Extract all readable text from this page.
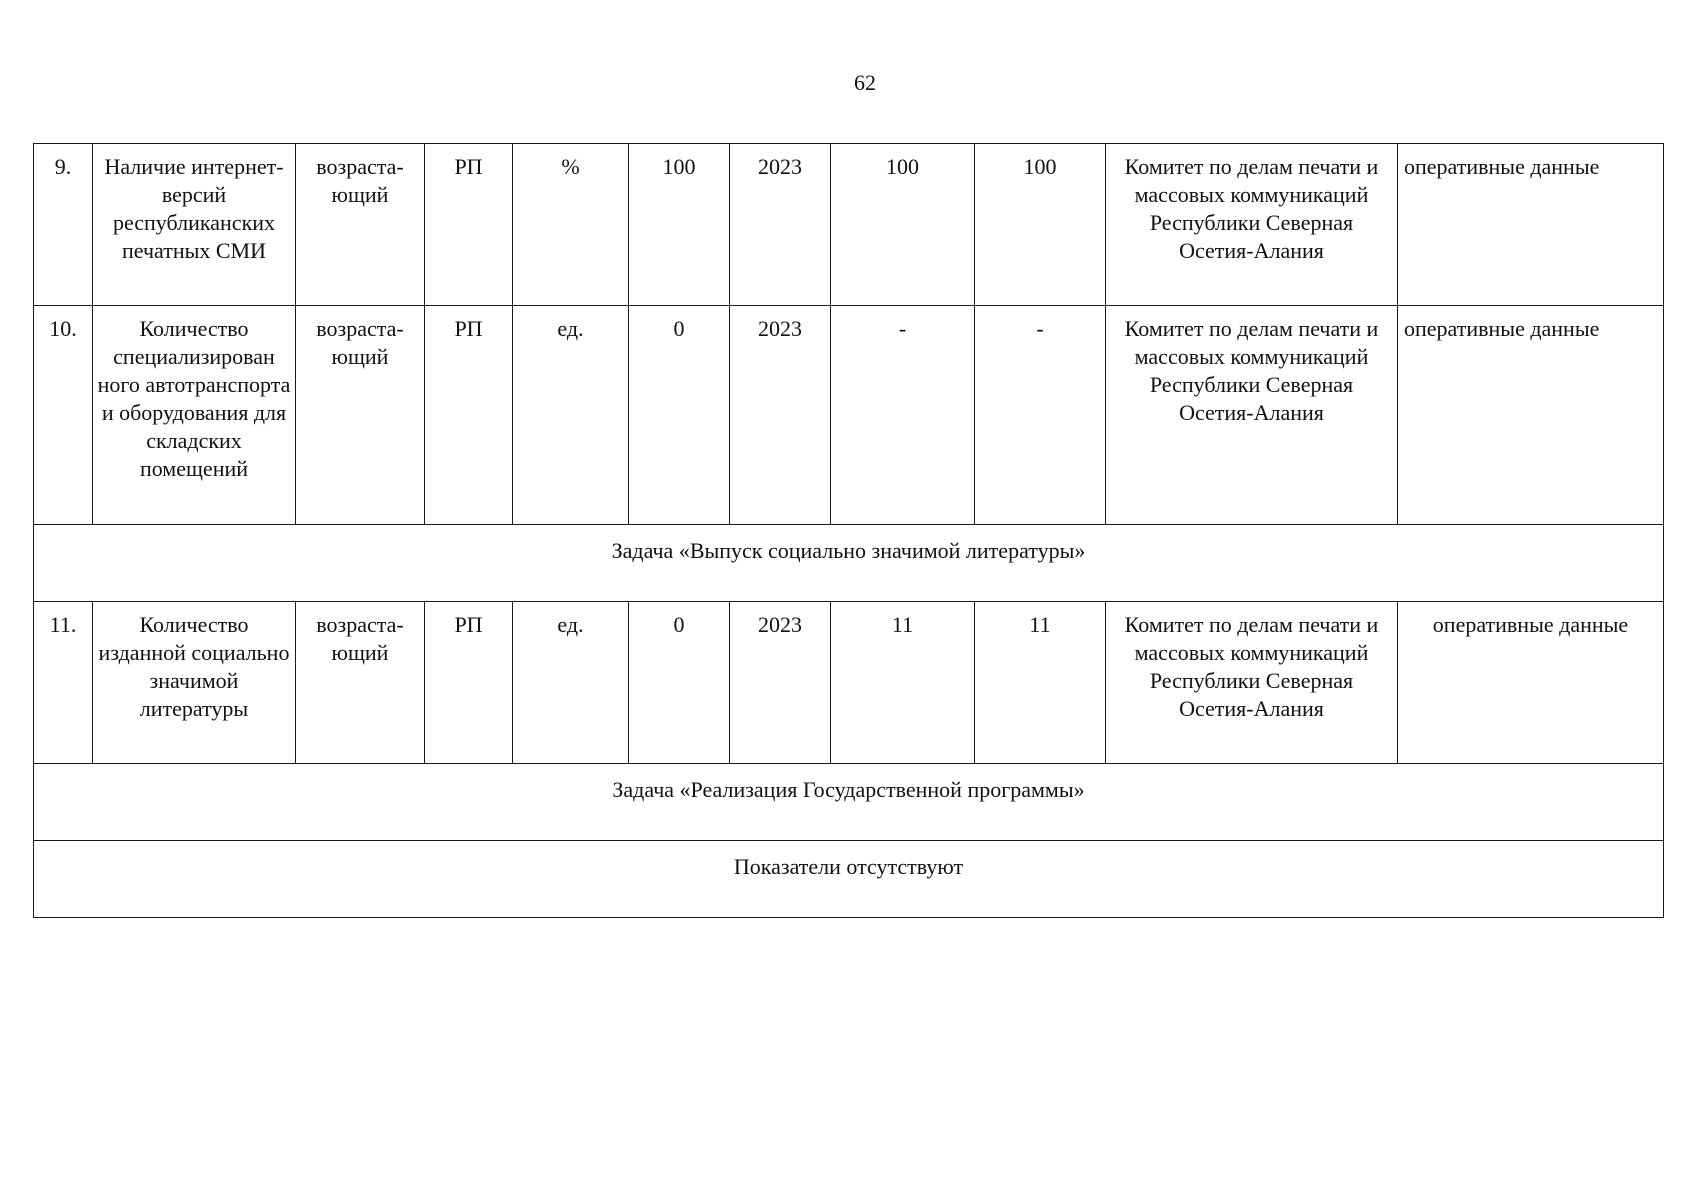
62
9.	Наличие интернет-версий республиканских печатных СМИ	возраста-ющий	РП	%	100	2023	100	100	Комитет по делам печати и массовых коммуникаций Республики Северная Осетия-Алания	оперативные данные
10.	Количество специализирован ного автотранспорта и оборудования для складских помещений	возраста-ющий	РП	ед.	0	2023	-	-	Комитет по делам печати и массовых коммуникаций Республики Северная Осетия-Алания	оперативные данные
Задача «Выпуск социально значимой литературы»										
11.	Количество изданной социально значимой литературы	возраста-ющий	РП	ед.	0	2023	11	11	Комитет по делам печати и массовых коммуникаций Республики Северная Осетия-Алания	оперативные данные
Задача «Реализация Государственной программы»										
Показатели отсутствуют										
